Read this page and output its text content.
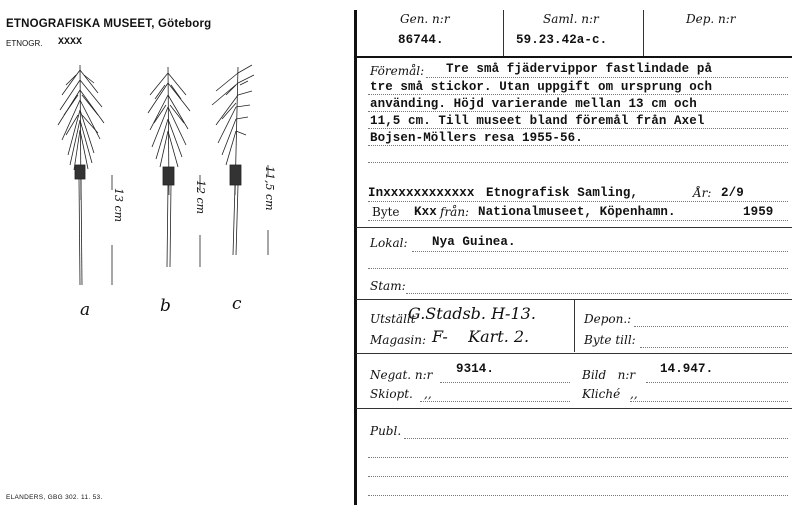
ETNOGRAFISKA MUSEET, Göteborg
ETNOGR. XXXX
13 cm	12 cm	11,5 cm
a	b	c
ELANDERS, GBG 302. 11. 53.
Gen. n:r	Saml. n:r	Dep. n:r
86744.	59.23.42a-c.
Föremål: Tre små fjädervippor fastlindade på
tre små stickor. Utan uppgift om ursprung och
använding. Höjd varierande mellan 13 cm och
11,5 cm. Till museet bland föremål från Axel
Bojsen-Möllers resa 1955-56.
Inxxxxxxxxxxxx Etnografisk Samling,	År: 2/9
Byte Kxx från: Nationalmuseet, Köpenhamn.	1959
Lokal: Nya Guinea.
Stam:
Utställt
G.Stadsb. H-13.
Magasin: F-    Kart. 2.
Depon.:
Byte till:
Negat. n:r 9314.	Bild   n:r 14.947.
Skiopt. ,,	Kliché ,,
Publ.
